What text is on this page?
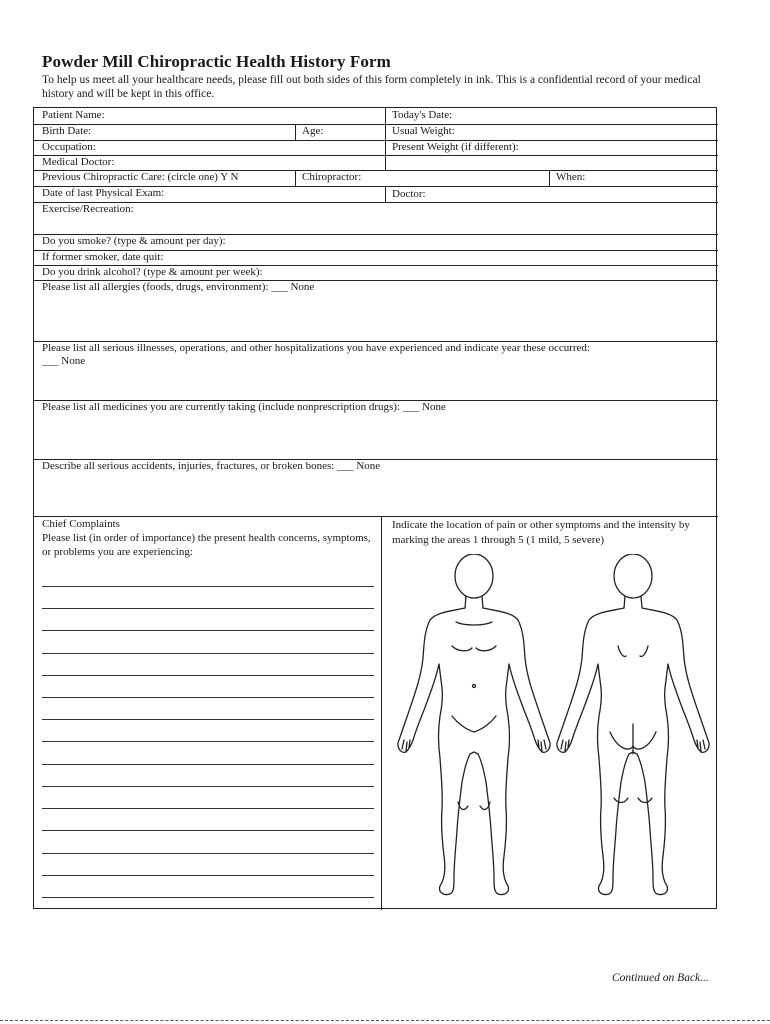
Powder Mill Chiropractic Health History Form
To help us meet all your healthcare needs, please fill out both sides of this form completely in ink. This is a confidential record of your medical history and will be kept in this office.
Patient Name:	Today's Date:
Birth Date:	Age:	Usual Weight:
Occupation:	Present Weight (if different):
Medical Doctor:
Previous Chiropractic Care: (circle one) Y N	Chiropractor:	When:
Date of last Physical Exam:	Doctor:
Exercise/Recreation:
Do you smoke? (type & amount per day):
If former smoker, date quit:
Do you drink alcohol? (type & amount per week):
Please list all allergies (foods, drugs, environment): ___ None
Please list all serious illnesses, operations, and other hospitalizations you have experienced and indicate year these occurred:
___ None
Please list all medicines you are currently taking (include nonprescription drugs): ___ None
Describe all serious accidents, injuries, fractures, or broken bones: ___ None
Chief Complaints
Please list (in order of importance) the present health concerns, symptoms, or problems you are experiencing:
Indicate the location of pain or other symptoms and the intensity by marking the areas 1 through 5 (1 mild, 5 severe)
Continued on Back...
